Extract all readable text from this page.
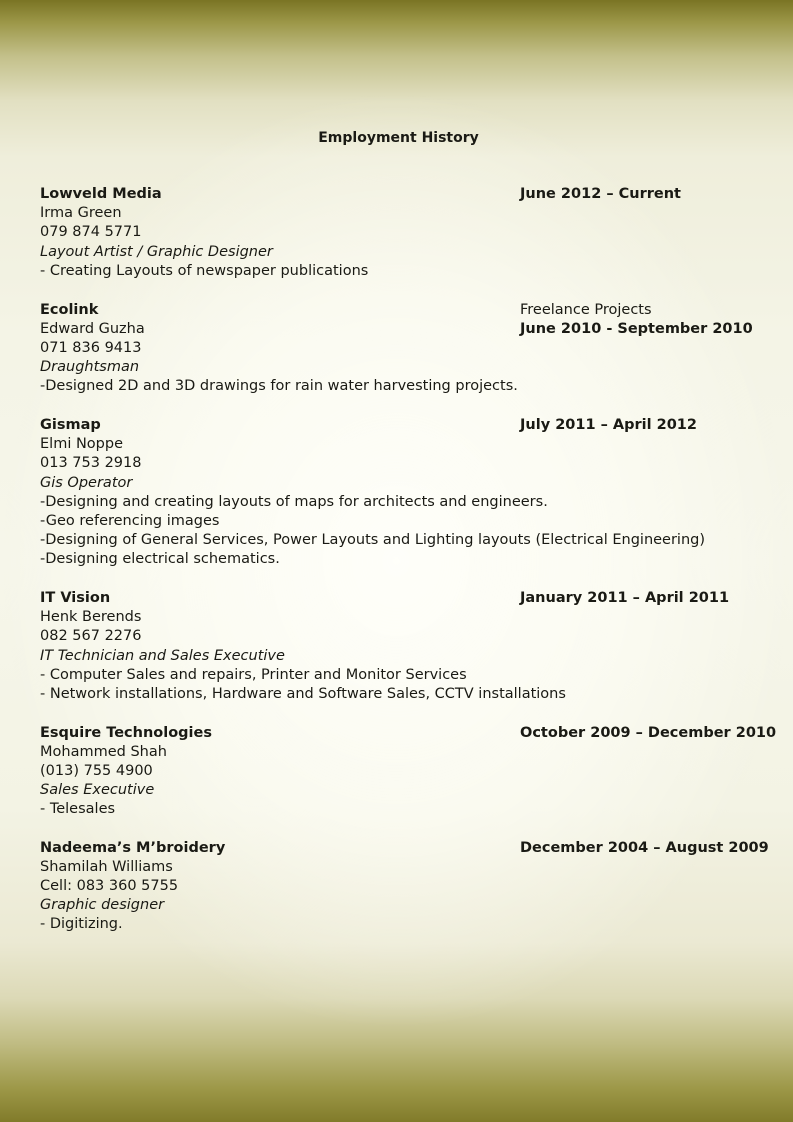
Employment History
Lowveld Media	June 2012 – Current
Irma Green
079 874 5771
Layout Artist / Graphic Designer
- Creating Layouts of newspaper publications
Ecolink	Freelance Projects
Edward Guzha	June 2010 - September 2010
071 836 9413
Draughtsman
-Designed 2D and 3D drawings for rain water harvesting projects.
Gismap	July 2011 – April 2012
Elmi Noppe
013 753 2918
Gis Operator
-Designing and creating layouts of maps for architects and engineers.
-Geo referencing images
-Designing of General Services, Power Layouts and Lighting layouts (Electrical Engineering)
-Designing electrical schematics.
IT Vision	January 2011 – April 2011
Henk Berends
082 567 2276
IT Technician and Sales Executive
- Computer Sales and repairs, Printer and Monitor Services
- Network installations, Hardware and Software Sales, CCTV installations
Esquire Technologies	October 2009 – December 2010
Mohammed Shah
(013) 755 4900
Sales Executive
- Telesales
Nadeema’s M’broidery	December 2004 – August 2009
Shamilah Williams
Cell: 083 360 5755
Graphic designer
- Digitizing.
